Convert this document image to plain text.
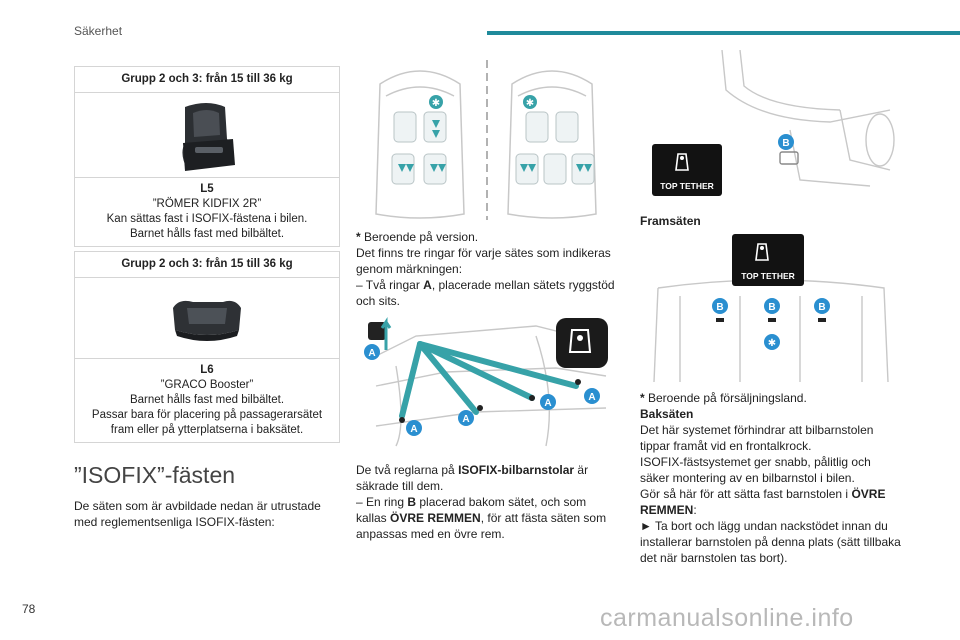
Säkerhet
Grupp 2 och 3: från 15 till 36 kg
L5
”RÖMER KIDFIX 2R”
Kan sättas fast i ISOFIX-fästena i bilen.
Barnet hålls fast med bilbältet.
Grupp 2 och 3: från 15 till 36 kg
L6
”GRACO Booster”
Barnet hålls fast med bilbältet.
Passar bara för placering på passagerarsätet fram eller på ytterplatserna i baksätet.
”ISOFIX”-fästen
De säten som är avbildade nedan är utrustade med reglementsenliga ISOFIX-fästen:
✱	✱

* Beroende på version.

Det finns tre ringar för varje sätes som indikeras genom märkningen:

– Två ringar A, placerade mellan sätets ryggstöd och sits.

A
A
A
A
A

De två reglarna på ISOFIX-bilbarnstolar är säkrade till dem.

– En ring B placerad bakom sätet, och som kallas ÖVRE REMMEN, för att fästa säten som anpassas med en övre rem.

B
TOP TETHER

Framsäten

TOP TETHER
B	B	B
✱

* Beroende på försäljningsland.

Baksäten

Det här systemet förhindrar att bilbarnstolen tippar framåt vid en frontalkrock.

ISOFIX-fästsystemet ger snabb, pålitlig och säker montering av en bilbarnstol i bilen.

Gör så här för att sätta fast barnstolen i ÖVRE REMMEN:

► Ta bort och lägg undan nackstödet innan du installerar barnstolen på denna plats (sätt tillbaka det när barnstolen tas bort).

78	carmanualsonline.info
